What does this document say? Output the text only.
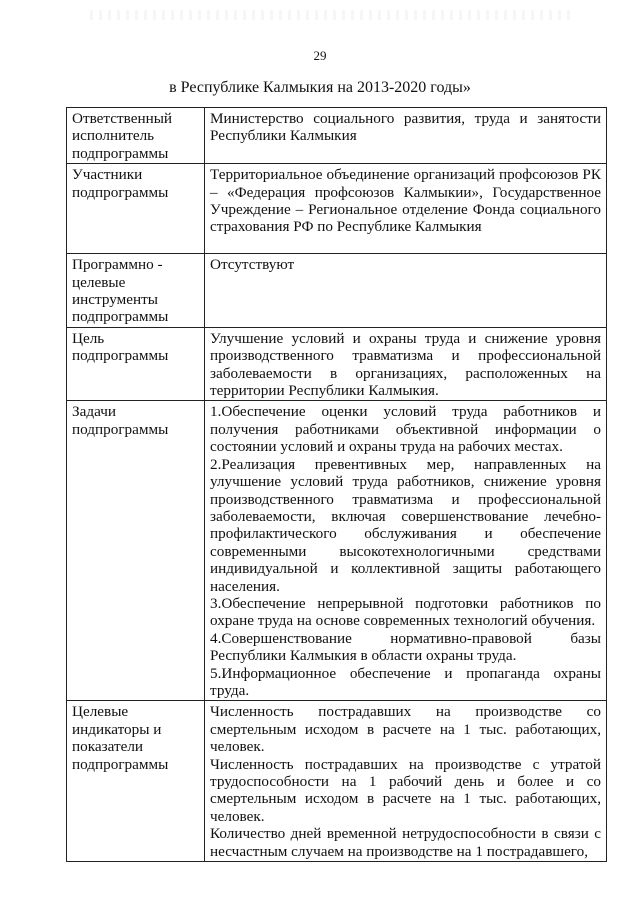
29
в Республике Калмыкия на 2013-2020 годы»
Ответственный исполнитель подпрограммы	Министерство социального развития, труда и занятости Республики Калмыкия

Участники подпрограммы	Территориальное объединение организаций профсоюзов РК – «Федерация профсоюзов Калмыкии», Государственное Учреждение – Региональное отделение Фонда социального страхования РФ по Республике Калмыкия

Программно - целевые инструменты подпрограммы	Отсутствуют

Цель подпрограммы	Улучшение условий и охраны труда и снижение уровня производственного травматизма и профессиональной заболеваемости в организациях, расположенных на территории Республики Калмыкия.

Задачи подпрограммы	1.Обеспечение оценки условий труда работников и получения работниками объективной информации о состоянии условий и охраны труда на рабочих местах.
2.Реализация превентивных мер, направленных на улучшение условий труда работников, снижение уровня производственного травматизма и профессиональной заболеваемости, включая совершенствование лечебно-профилактического обслуживания и обеспечение современными высокотехнологичными средствами индивидуальной и коллективной защиты работающего населения.
3.Обеспечение непрерывной подготовки работников по охране труда на основе современных технологий обучения.
4.Совершенствование нормативно-правовой базы Республики Калмыкия в области охраны труда.
5.Информационное обеспечение и пропаганда охраны труда.

Целевые индикаторы и показатели подпрограммы	Численность пострадавших на производстве со смертельным исходом в расчете на 1 тыс. работающих, человек.
Численность пострадавших на производстве с утратой трудоспособности на 1 рабочий день и более и со смертельным исходом в расчете на 1 тыс. работающих, человек.
Количество дней временной нетрудоспособности в связи с несчастным случаем на производстве на 1 пострадавшего,
